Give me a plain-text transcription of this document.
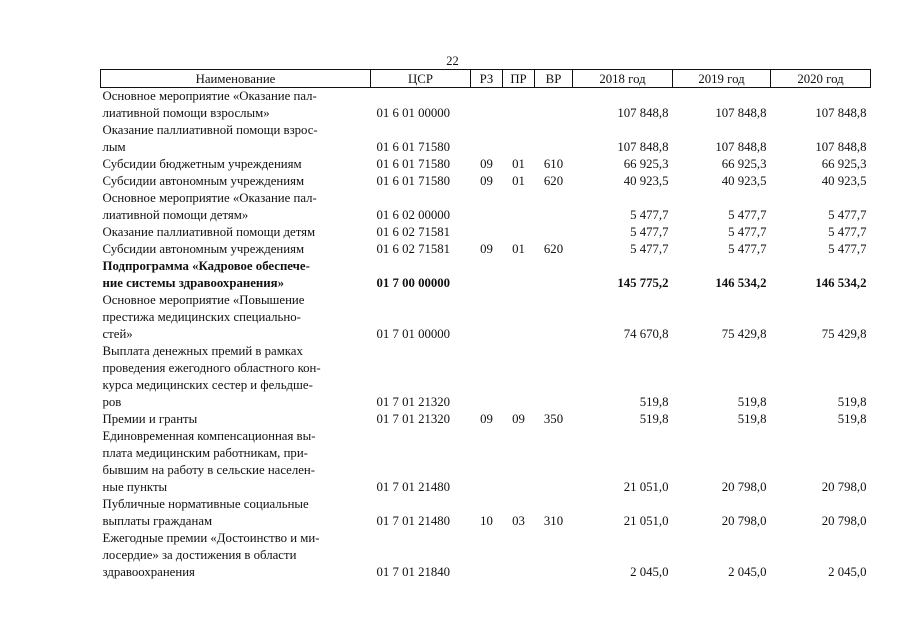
22
Наименование	ЦСР	РЗ	ПР	ВР	2018 год	2019 год	2020 год

Основное мероприятие «Оказание пал-
лиативной помощи взрослым»	01 6 01 00000				107 848,8	107 848,8	107 848,8

Оказание паллиативной помощи взрос-
лым	01 6 01 71580				107 848,8	107 848,8	107 848,8

Субсидии бюджетным учреждениям	01 6 01 71580	09	01	610	66 925,3	66 925,3	66 925,3

Субсидии автономным учреждениям	01 6 01 71580	09	01	620	40 923,5	40 923,5	40 923,5

Основное мероприятие «Оказание пал-
лиативной помощи детям»	01 6 02 00000				5 477,7	5 477,7	5 477,7

Оказание паллиативной помощи детям	01 6 02 71581				5 477,7	5 477,7	5 477,7

Субсидии автономным учреждениям	01 6 02 71581	09	01	620	5 477,7	5 477,7	5 477,7

Подпрограмма «Кадровое обеспече-
ние системы здравоохранения»	01 7 00 00000				145 775,2	146 534,2	146 534,2

Основное мероприятие «Повышение
престижа медицинских специально-
стей»	01 7 01 00000				74 670,8	75 429,8	75 429,8

Выплата денежных премий в рамках
проведения ежегодного областного кон-
курса медицинских сестер и фельдше-
ров	01 7 01 21320				519,8	519,8	519,8

Премии и гранты	01 7 01 21320	09	09	350	519,8	519,8	519,8

Единовременная компенсационная вы-
плата медицинским работникам, при-
бывшим на работу в сельские населен-
ные пункты	01 7 01 21480				21 051,0	20 798,0	20 798,0

Публичные нормативные социальные
выплаты гражданам	01 7 01 21480	10	03	310	21 051,0	20 798,0	20 798,0

Ежегодные премии «Достоинство и ми-
лосердие» за достижения в области
здравоохранения	01 7 01 21840				2 045,0	2 045,0	2 045,0
